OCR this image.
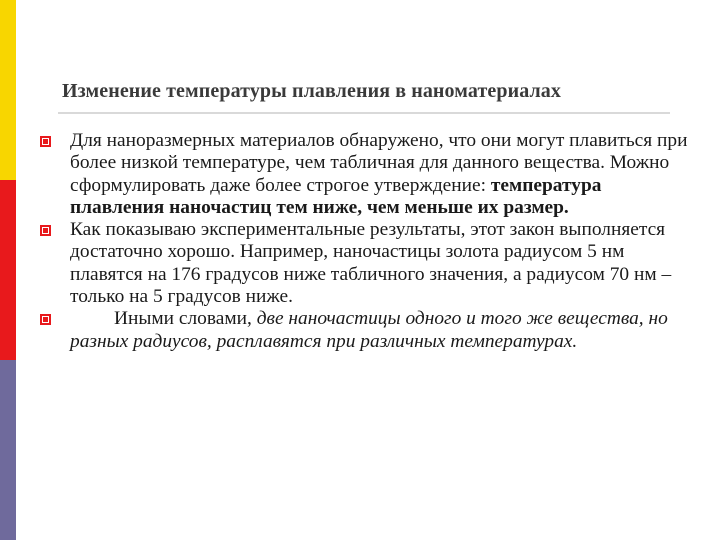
Изменение температуры плавления в наноматериалах
Для наноразмерных материалов обнаружено, что они могут плавиться при более низкой температуре, чем табличная для данного вещества. Можно сформулировать даже более строгое утверждение: температура плавления наночастиц тем ниже, чем меньше их размер.
Как показываю экспериментальные результаты, этот закон выполняется достаточно хорошо. Например, наночастицы золота радиусом 5 нм плавятся на 176 градусов ниже табличного значения, а радиусом 70 нм – только на 5 градусов ниже.
Иными словами, две наночастицы одного и того же вещества, но разных радиусов, расплавятся при различных температурах.
